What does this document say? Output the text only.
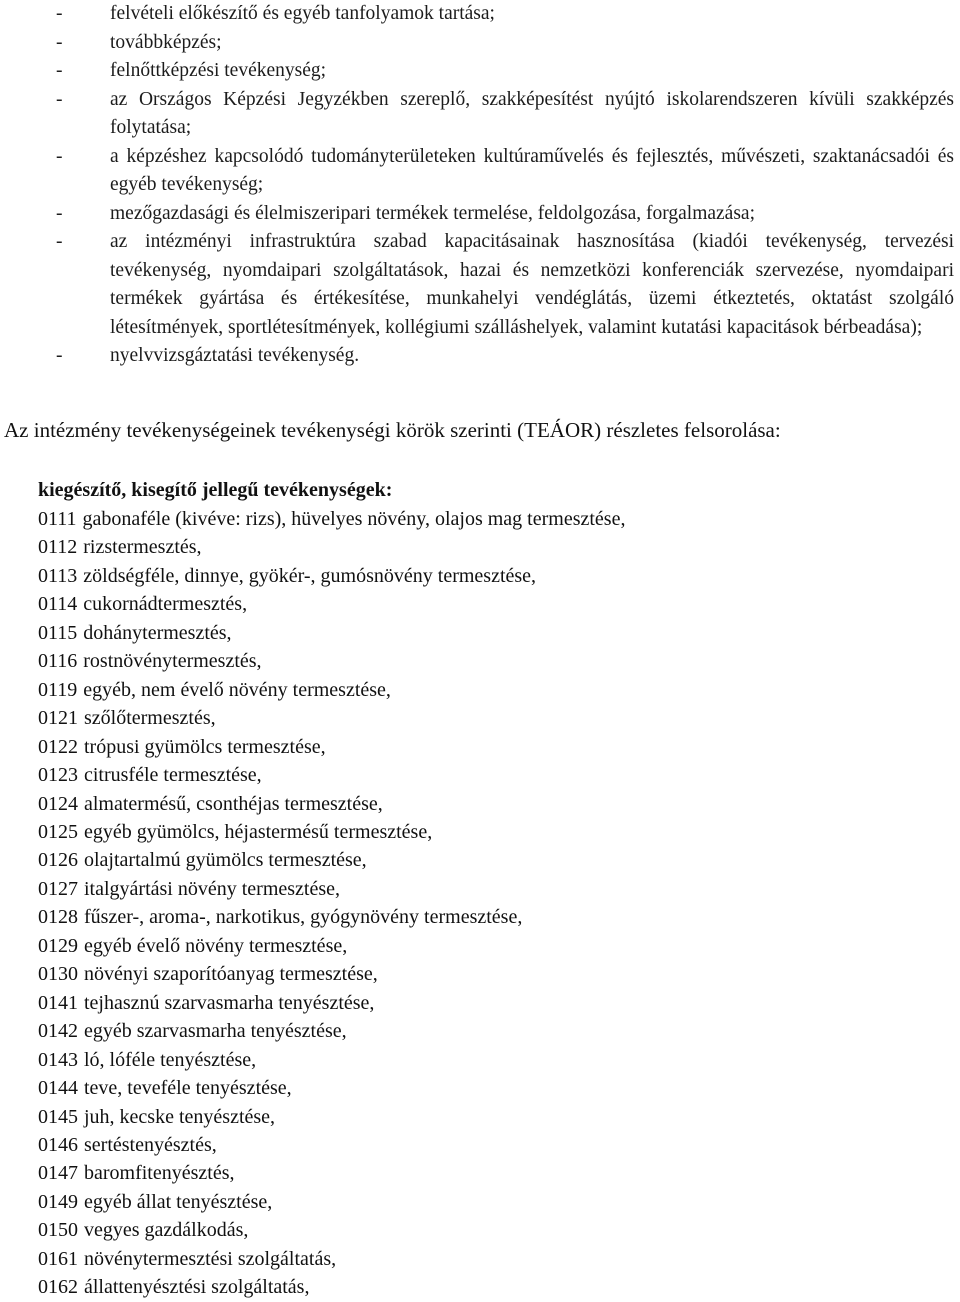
- felvételi előkészítő és egyéb tanfolyamok tartása;
- továbbképzés;
- felnőttképzési tevékenység;
- az Országos Képzési Jegyzékben szereplő, szakképesítést nyújtó iskolarendszeren kívüli szakképzés folytatása;
- a képzéshez kapcsolódó tudományterületeken kultúraművelés és fejlesztés, művészeti, szaktanácsadói és egyéb tevékenység;
- mezőgazdasági és élelmiszeripari termékek termelése, feldolgozása, forgalmazása;
- az intézményi infrastruktúra szabad kapacitásainak hasznosítása (kiadói tevékenység, tervezési tevékenység, nyomdaipari szolgáltatások, hazai és nemzetközi konferenciák szervezése, nyomdaipari termékek gyártása és értékesítése, munkahelyi vendéglátás, üzemi étkeztetés, oktatást szolgáló létesítmények, sportlétesítmények, kollégiumi szálláshelyek, valamint kutatási kapacitások bérbeadása);
- nyelvvizsgáztatási tevékenység.
Az intézmény tevékenységeinek tevékenységi körök szerinti (TEÁOR) részletes felsorolása:
kiegészítő, kisegítő jellegű tevékenységek:
0111 gabonaféle (kivéve: rizs), hüvelyes növény, olajos mag termesztése,
0112 rizstermesztés,
0113 zöldségféle, dinnye, gyökér-, gumósnövény termesztése,
0114 cukornádtermesztés,
0115 dohánytermesztés,
0116 rostnövénytermesztés,
0119 egyéb, nem évelő növény termesztése,
0121 szőlőtermesztés,
0122 trópusi gyümölcs termesztése,
0123 citrusféle termesztése,
0124 almatermésű, csonthéjas termesztése,
0125 egyéb gyümölcs, héjastermésű termesztése,
0126 olajtartalmú gyümölcs termesztése,
0127 italgyártási növény termesztése,
0128 fűszer-, aroma-, narkotikus, gyógynövény termesztése,
0129 egyéb évelő növény termesztése,
0130 növényi szaporítóanyag termesztése,
0141 tejhasznú szarvasmarha tenyésztése,
0142 egyéb szarvasmarha tenyésztése,
0143 ló, lóféle tenyésztése,
0144 teve, teveféle tenyésztése,
0145 juh, kecske tenyésztése,
0146 sertéstenyésztés,
0147 baromfitenyésztés,
0149 egyéb állat tenyésztése,
0150 vegyes gazdálkodás,
0161 növénytermesztési szolgáltatás,
0162 állattenyésztési szolgáltatás,
